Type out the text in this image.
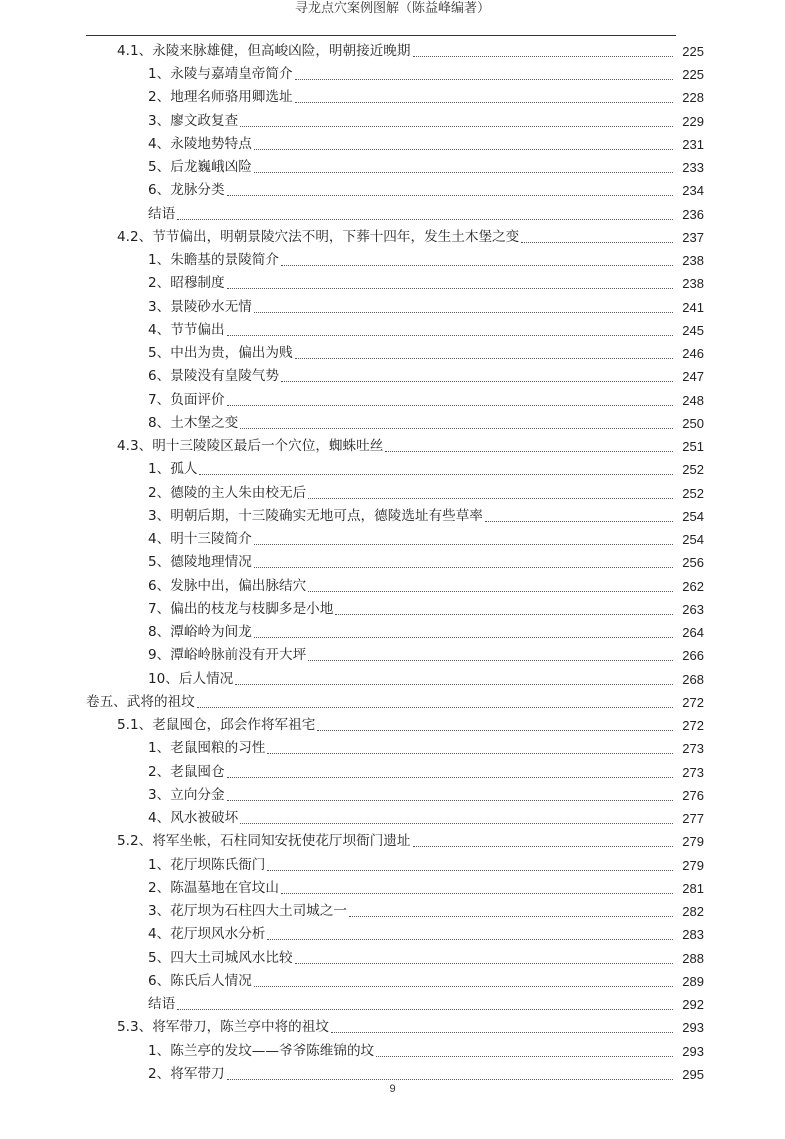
寻龙点穴案例图解（陈益峰编著）
4.1、永陵来脉雄健，但高峻凶险，明朝接近晚期	225
1、永陵与嘉靖皇帝简介	225
2、地理名师骆用卿选址	228
3、廖文政复查	229
4、永陵地势特点	231
5、后龙巍峨凶险	233
6、龙脉分类	234
结语	236
4.2、节节偏出，明朝景陵穴法不明，下葬十四年，发生土木堡之变	237
1、朱瞻基的景陵简介	238
2、昭穆制度	238
3、景陵砂水无情	241
4、节节偏出	245
5、中出为贵，偏出为贱	246
6、景陵没有皇陵气势	247
7、负面评价	248
8、土木堡之变	250
4.3、明十三陵陵区最后一个穴位，蜘蛛吐丝	251
1、孤人	252
2、德陵的主人朱由校无后	252
3、明朝后期，十三陵确实无地可点，德陵选址有些草率	254
4、明十三陵简介	254
5、德陵地理情况	256
6、发脉中出，偏出脉结穴	262
7、偏出的枝龙与枝脚多是小地	263
8、潭峪岭为间龙	264
9、潭峪岭脉前没有开大坪	266
10、后人情况	268
卷五、武将的祖坟	272
5.1、老鼠囤仓，邱会作将军祖宅	272
1、老鼠囤粮的习性	273
2、老鼠囤仓	273
3、立向分金	276
4、风水被破坏	277
5.2、将军坐帐，石柱同知安抚使花厅坝衙门遗址	279
1、花厅坝陈氏衙门	279
2、陈温墓地在官坟山	281
3、花厅坝为石柱四大土司城之一	282
4、花厅坝风水分析	283
5、四大土司城风水比较	288
6、陈氏后人情况	289
结语	292
5.3、将军带刀，陈兰亭中将的祖坟	293
1、陈兰亭的发坟——爷爷陈维锦的坟	293
2、将军带刀	295
9
